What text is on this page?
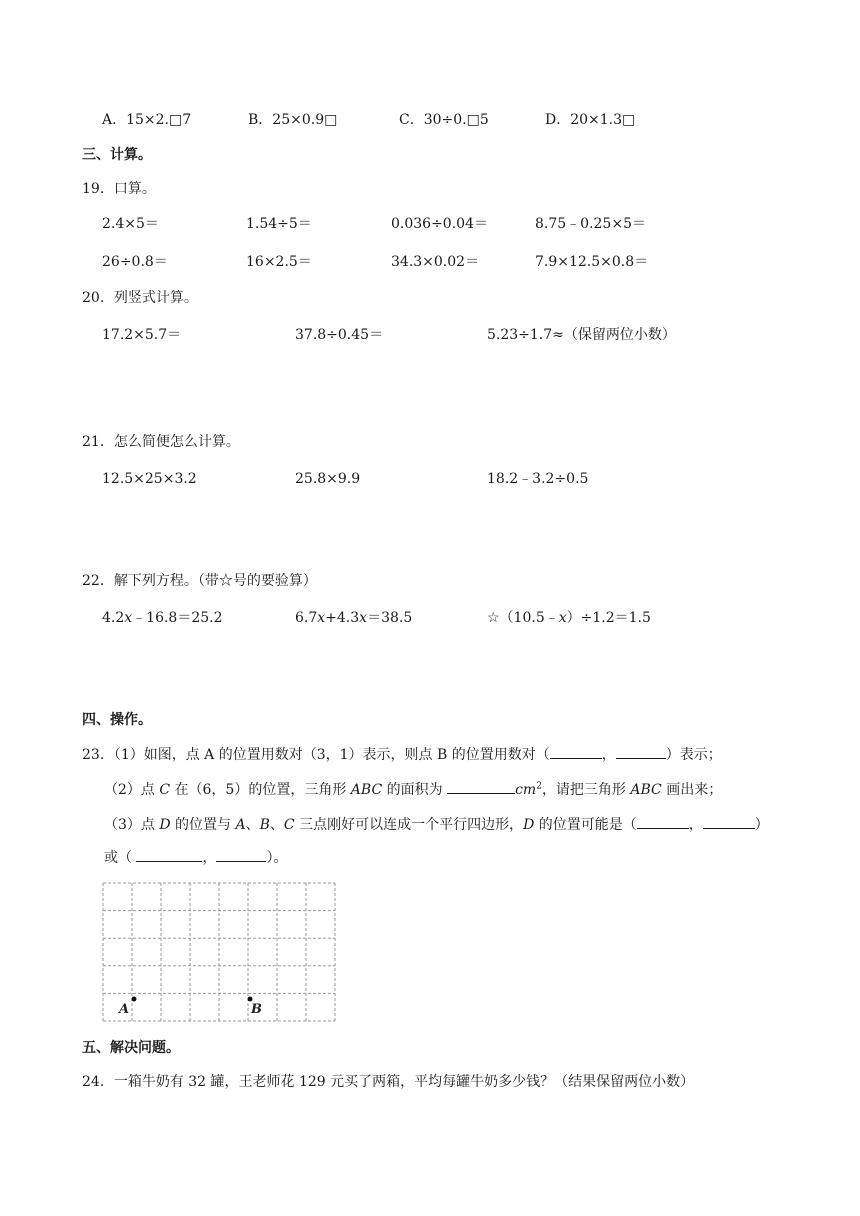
A．15×2.□7	B．25×0.9□	C．30÷0.□5	D．20×1.3□
三、计算。
19．口算。
2.4×5＝	1.54÷5＝	0.036÷0.04＝	8.75﹣0.25×5＝
26÷0.8＝	16×2.5＝	34.3×0.02＝	7.9×12.5×0.8＝
20．列竖式计算。
17.2×5.7＝	37.8÷0.45＝	5.23÷1.7≈（保留两位小数）
21．怎么简便怎么计算。
12.5×25×3.2	25.8×9.9	18.2﹣3.2÷0.5
22．解下列方程。（带☆号的要验算）
4.2x﹣16.8＝25.2	6.7x+4.3x＝38.5	☆（10.5﹣x）÷1.2＝1.5
四、操作。
23．（1）如图，点 A 的位置用数对（3，1）表示，则点 B 的位置用数对（	，	）表示；
（2）点 C 在（6，5）的位置，三角形 ABC 的面积为	$cm^2$，请把三角形 ABC 画出来；
（3）点 D 的位置与 A、B、C 三点刚好可以连成一个平行四边形，D 的位置可能是（	，	）
或（	，	）。
A	B
五、解决问题。
24．一箱牛奶有 32 罐，王老师花 129 元买了两箱，平均每罐牛奶多少钱？（结果保留两位小数）
